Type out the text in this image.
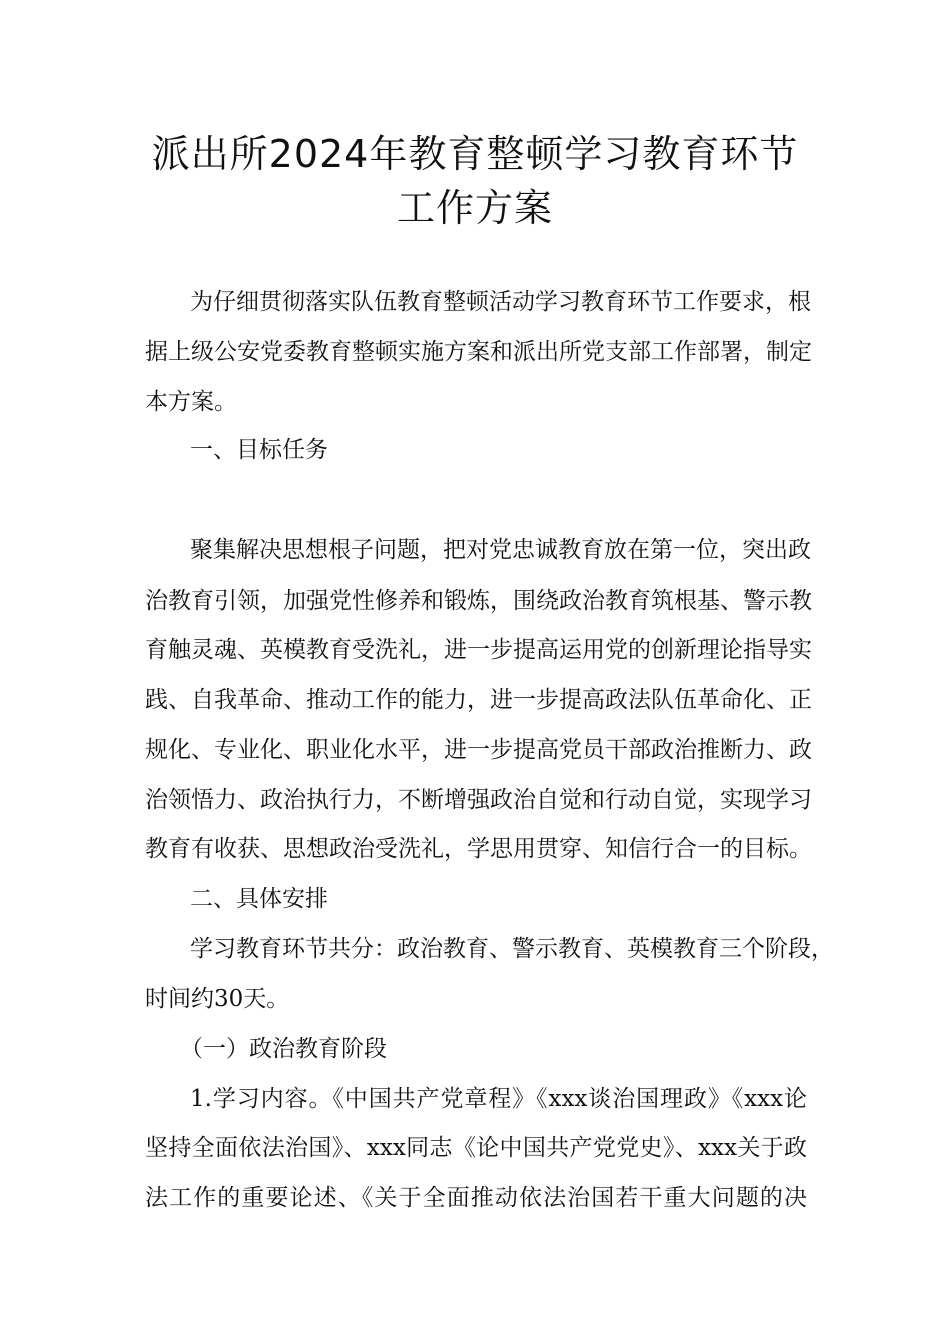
派出所2024年教育整顿学习教育环节
工作方案
为仔细贯彻落实队伍教育整顿活动学习教育环节工作要求，根
据上级公安党委教育整顿实施方案和派出所党支部工作部署，制定
本方案。
一、目标任务
聚集解决思想根子问题，把对党忠诚教育放在第一位，突出政
治教育引领，加强党性修养和锻炼，围绕政治教育筑根基、警示教
育触灵魂、英模教育受洗礼，进一步提高运用党的创新理论指导实
践、自我革命、推动工作的能力，进一步提高政法队伍革命化、正
规化、专业化、职业化水平，进一步提高党员干部政治推断力、政
治领悟力、政治执行力，不断增强政治自觉和行动自觉，实现学习
教育有收获、思想政治受洗礼，学思用贯穿、知信行合一的目标。
二、具体安排
学习教育环节共分：政治教育、警示教育、英模教育三个阶段，
时间约30天。
（一）政治教育阶段
1.学习内容。《中国共产党章程》《xxx谈治国理政》《xxx论
坚持全面依法治国》、xxx同志《论中国共产党党史》、xxx关于政
法工作的重要论述、《关于全面推动依法治国若干重大问题的决
